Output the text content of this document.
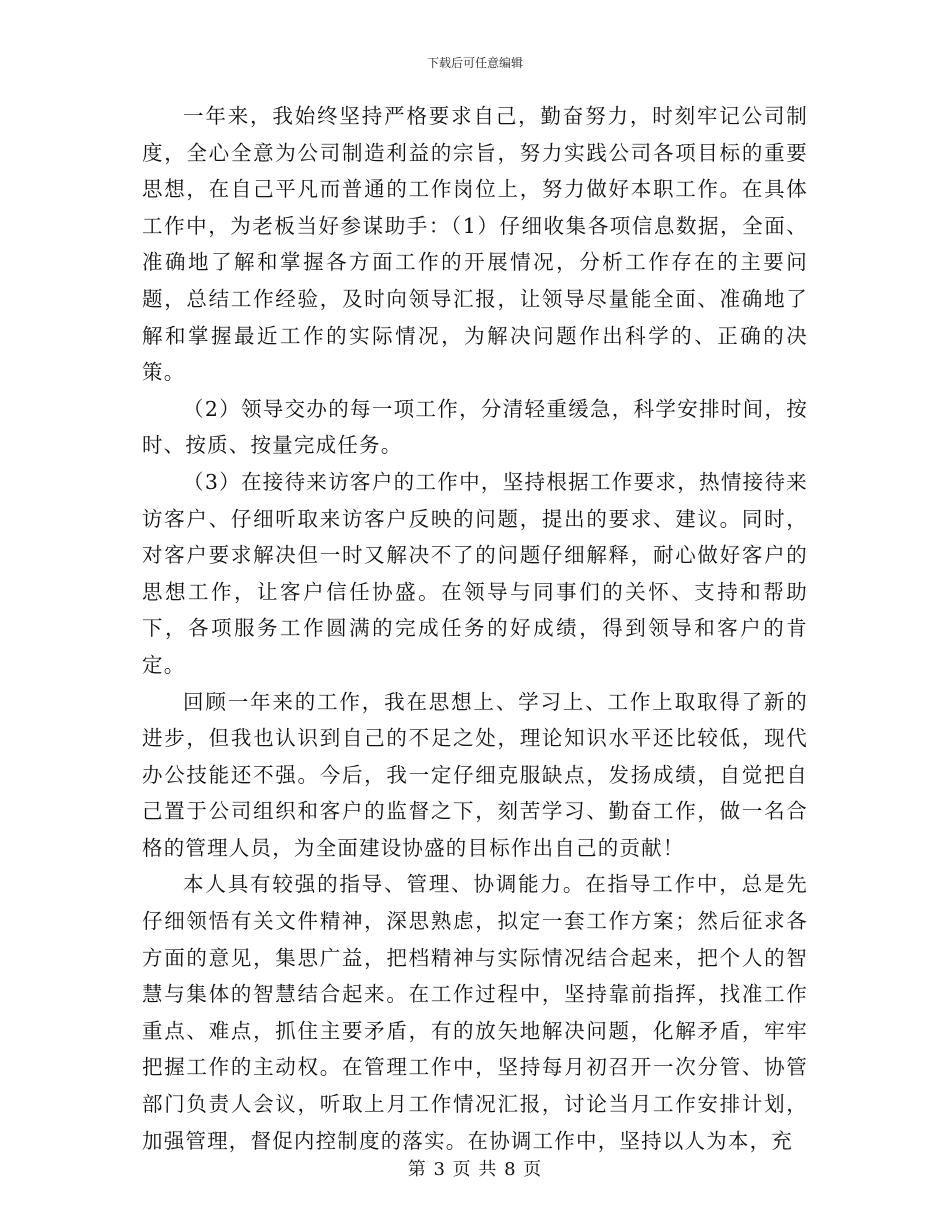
下载后可任意编辑

一年来，我始终坚持严格要求自己，勤奋努力，时刻牢记公司制度，全心全意为公司制造利益的宗旨，努力实践公司各项目标的重要思想，在自己平凡而普通的工作岗位上，努力做好本职工作。在具体工作中，为老板当好参谋助手：（1）仔细收集各项信息数据，全面、准确地了解和掌握各方面工作的开展情况，分析工作存在的主要问题，总结工作经验，及时向领导汇报，让领导尽量能全面、准确地了解和掌握最近工作的实际情况，为解决问题作出科学的、正确的决策。

（2）领导交办的每一项工作，分清轻重缓急，科学安排时间，按时、按质、按量完成任务。

（3）在接待来访客户的工作中，坚持根据工作要求，热情接待来访客户、仔细听取来访客户反映的问题，提出的要求、建议。同时，对客户要求解决但一时又解决不了的问题仔细解释，耐心做好客户的思想工作，让客户信任协盛。在领导与同事们的关怀、支持和帮助下，各项服务工作圆满的完成任务的好成绩，得到领导和客户的肯定。

回顾一年来的工作，我在思想上、学习上、工作上取取得了新的进步，但我也认识到自己的不足之处，理论知识水平还比较低，现代办公技能还不强。今后，我一定仔细克服缺点，发扬成绩，自觉把自己置于公司组织和客户的监督之下，刻苦学习、勤奋工作，做一名合格的管理人员，为全面建设协盛的目标作出自己的贡献！

本人具有较强的指导、管理、协调能力。在指导工作中，总是先仔细领悟有关文件精神，深思熟虑，拟定一套工作方案；然后征求各方面的意见，集思广益，把档精神与实际情况结合起来，把个人的智慧与集体的智慧结合起来。在工作过程中，坚持靠前指挥，找准工作重点、难点，抓住主要矛盾，有的放矢地解决问题，化解矛盾，牢牢把握工作的主动权。在管理工作中，坚持每月初召开一次分管、协管部门负责人会议，听取上月工作情况汇报，讨论当月工作安排计划，加强管理，督促内控制度的落实。在协调工作中，坚持以人为本，充

第 3 页 共 8 页
